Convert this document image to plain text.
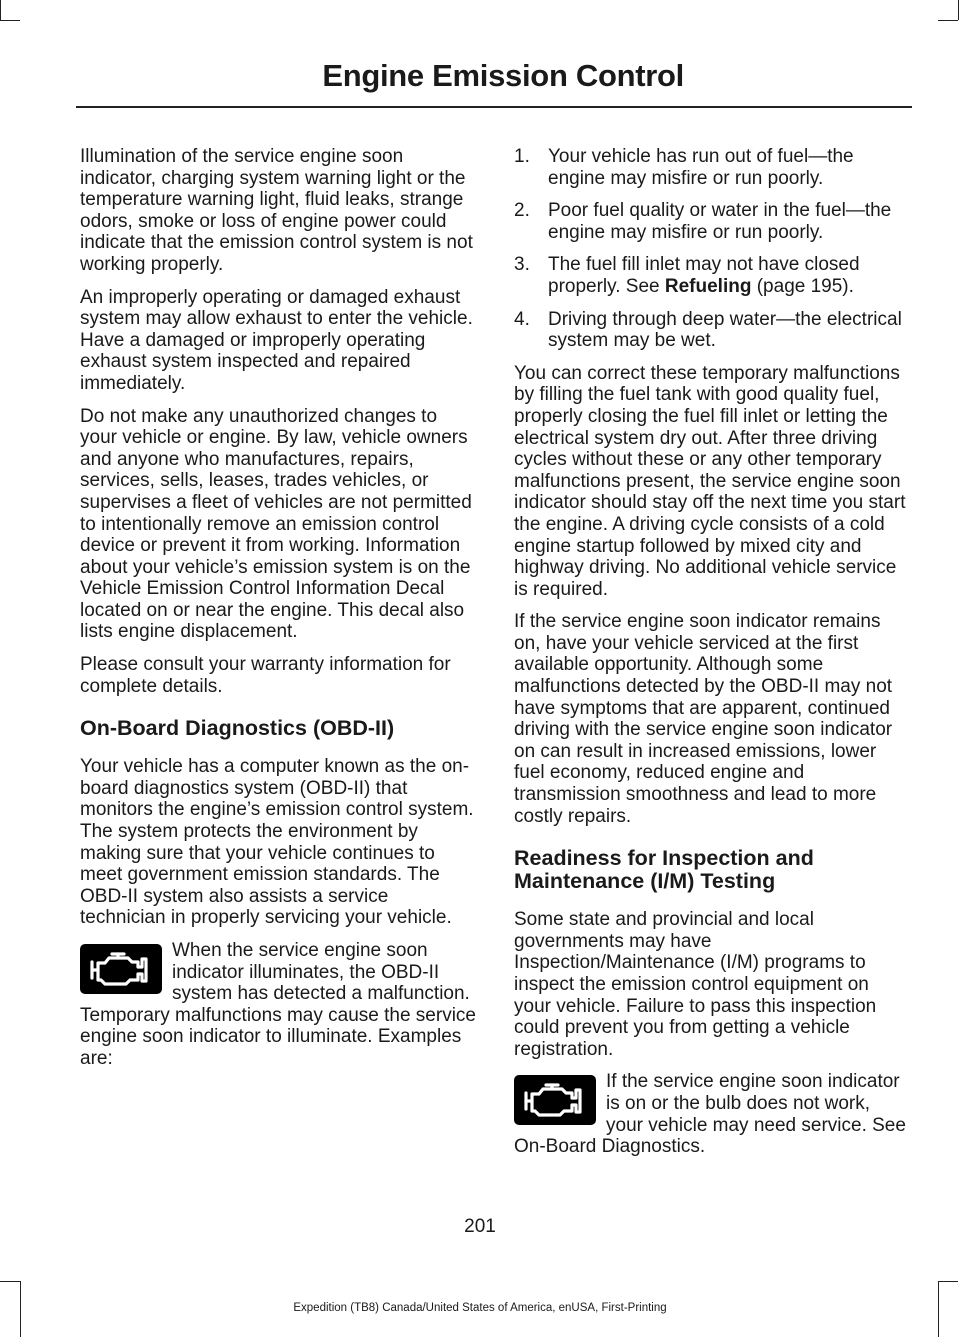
Engine Emission Control

Illumination of the service engine soon indicator, charging system warning light or the temperature warning light, fluid leaks, strange odors, smoke or loss of engine power could indicate that the emission control system is not working properly.

An improperly operating or damaged exhaust system may allow exhaust to enter the vehicle. Have a damaged or improperly operating exhaust system inspected and repaired immediately.

Do not make any unauthorized changes to your vehicle or engine. By law, vehicle owners and anyone who manufactures, repairs, services, sells, leases, trades vehicles, or supervises a fleet of vehicles are not permitted to intentionally remove an emission control device or prevent it from working. Information about your vehicle’s emission system is on the Vehicle Emission Control Information Decal located on or near the engine. This decal also lists engine displacement.

Please consult your warranty information for complete details.

On-Board Diagnostics (OBD-II)

Your vehicle has a computer known as the on-board diagnostics system (OBD-II) that monitors the engine’s emission control system. The system protects the environment by making sure that your vehicle continues to meet government emission standards. The OBD-II system also assists a service technician in properly servicing your vehicle.

When the service engine soon indicator illuminates, the OBD-II system has detected a malfunction. Temporary malfunctions may cause the service engine soon indicator to illuminate. Examples are:

1. Your vehicle has run out of fuel—the engine may misfire or run poorly.
2. Poor fuel quality or water in the fuel—the engine may misfire or run poorly.
3. The fuel fill inlet may not have closed properly. See Refueling (page 195).
4. Driving through deep water—the electrical system may be wet.

You can correct these temporary malfunctions by filling the fuel tank with good quality fuel, properly closing the fuel fill inlet or letting the electrical system dry out. After three driving cycles without these or any other temporary malfunctions present, the service engine soon indicator should stay off the next time you start the engine. A driving cycle consists of a cold engine startup followed by mixed city and highway driving. No additional vehicle service is required.

If the service engine soon indicator remains on, have your vehicle serviced at the first available opportunity. Although some malfunctions detected by the OBD-II may not have symptoms that are apparent, continued driving with the service engine soon indicator on can result in increased emissions, lower fuel economy, reduced engine and transmission smoothness and lead to more costly repairs.

Readiness for Inspection and Maintenance (I/M) Testing

Some state and provincial and local governments may have Inspection/Maintenance (I/M) programs to inspect the emission control equipment on your vehicle. Failure to pass this inspection could prevent you from getting a vehicle registration.

If the service engine soon indicator is on or the bulb does not work, your vehicle may need service. See On-Board Diagnostics.

201
Expedition (TB8) Canada/United States of America, enUSA, First-Printing
